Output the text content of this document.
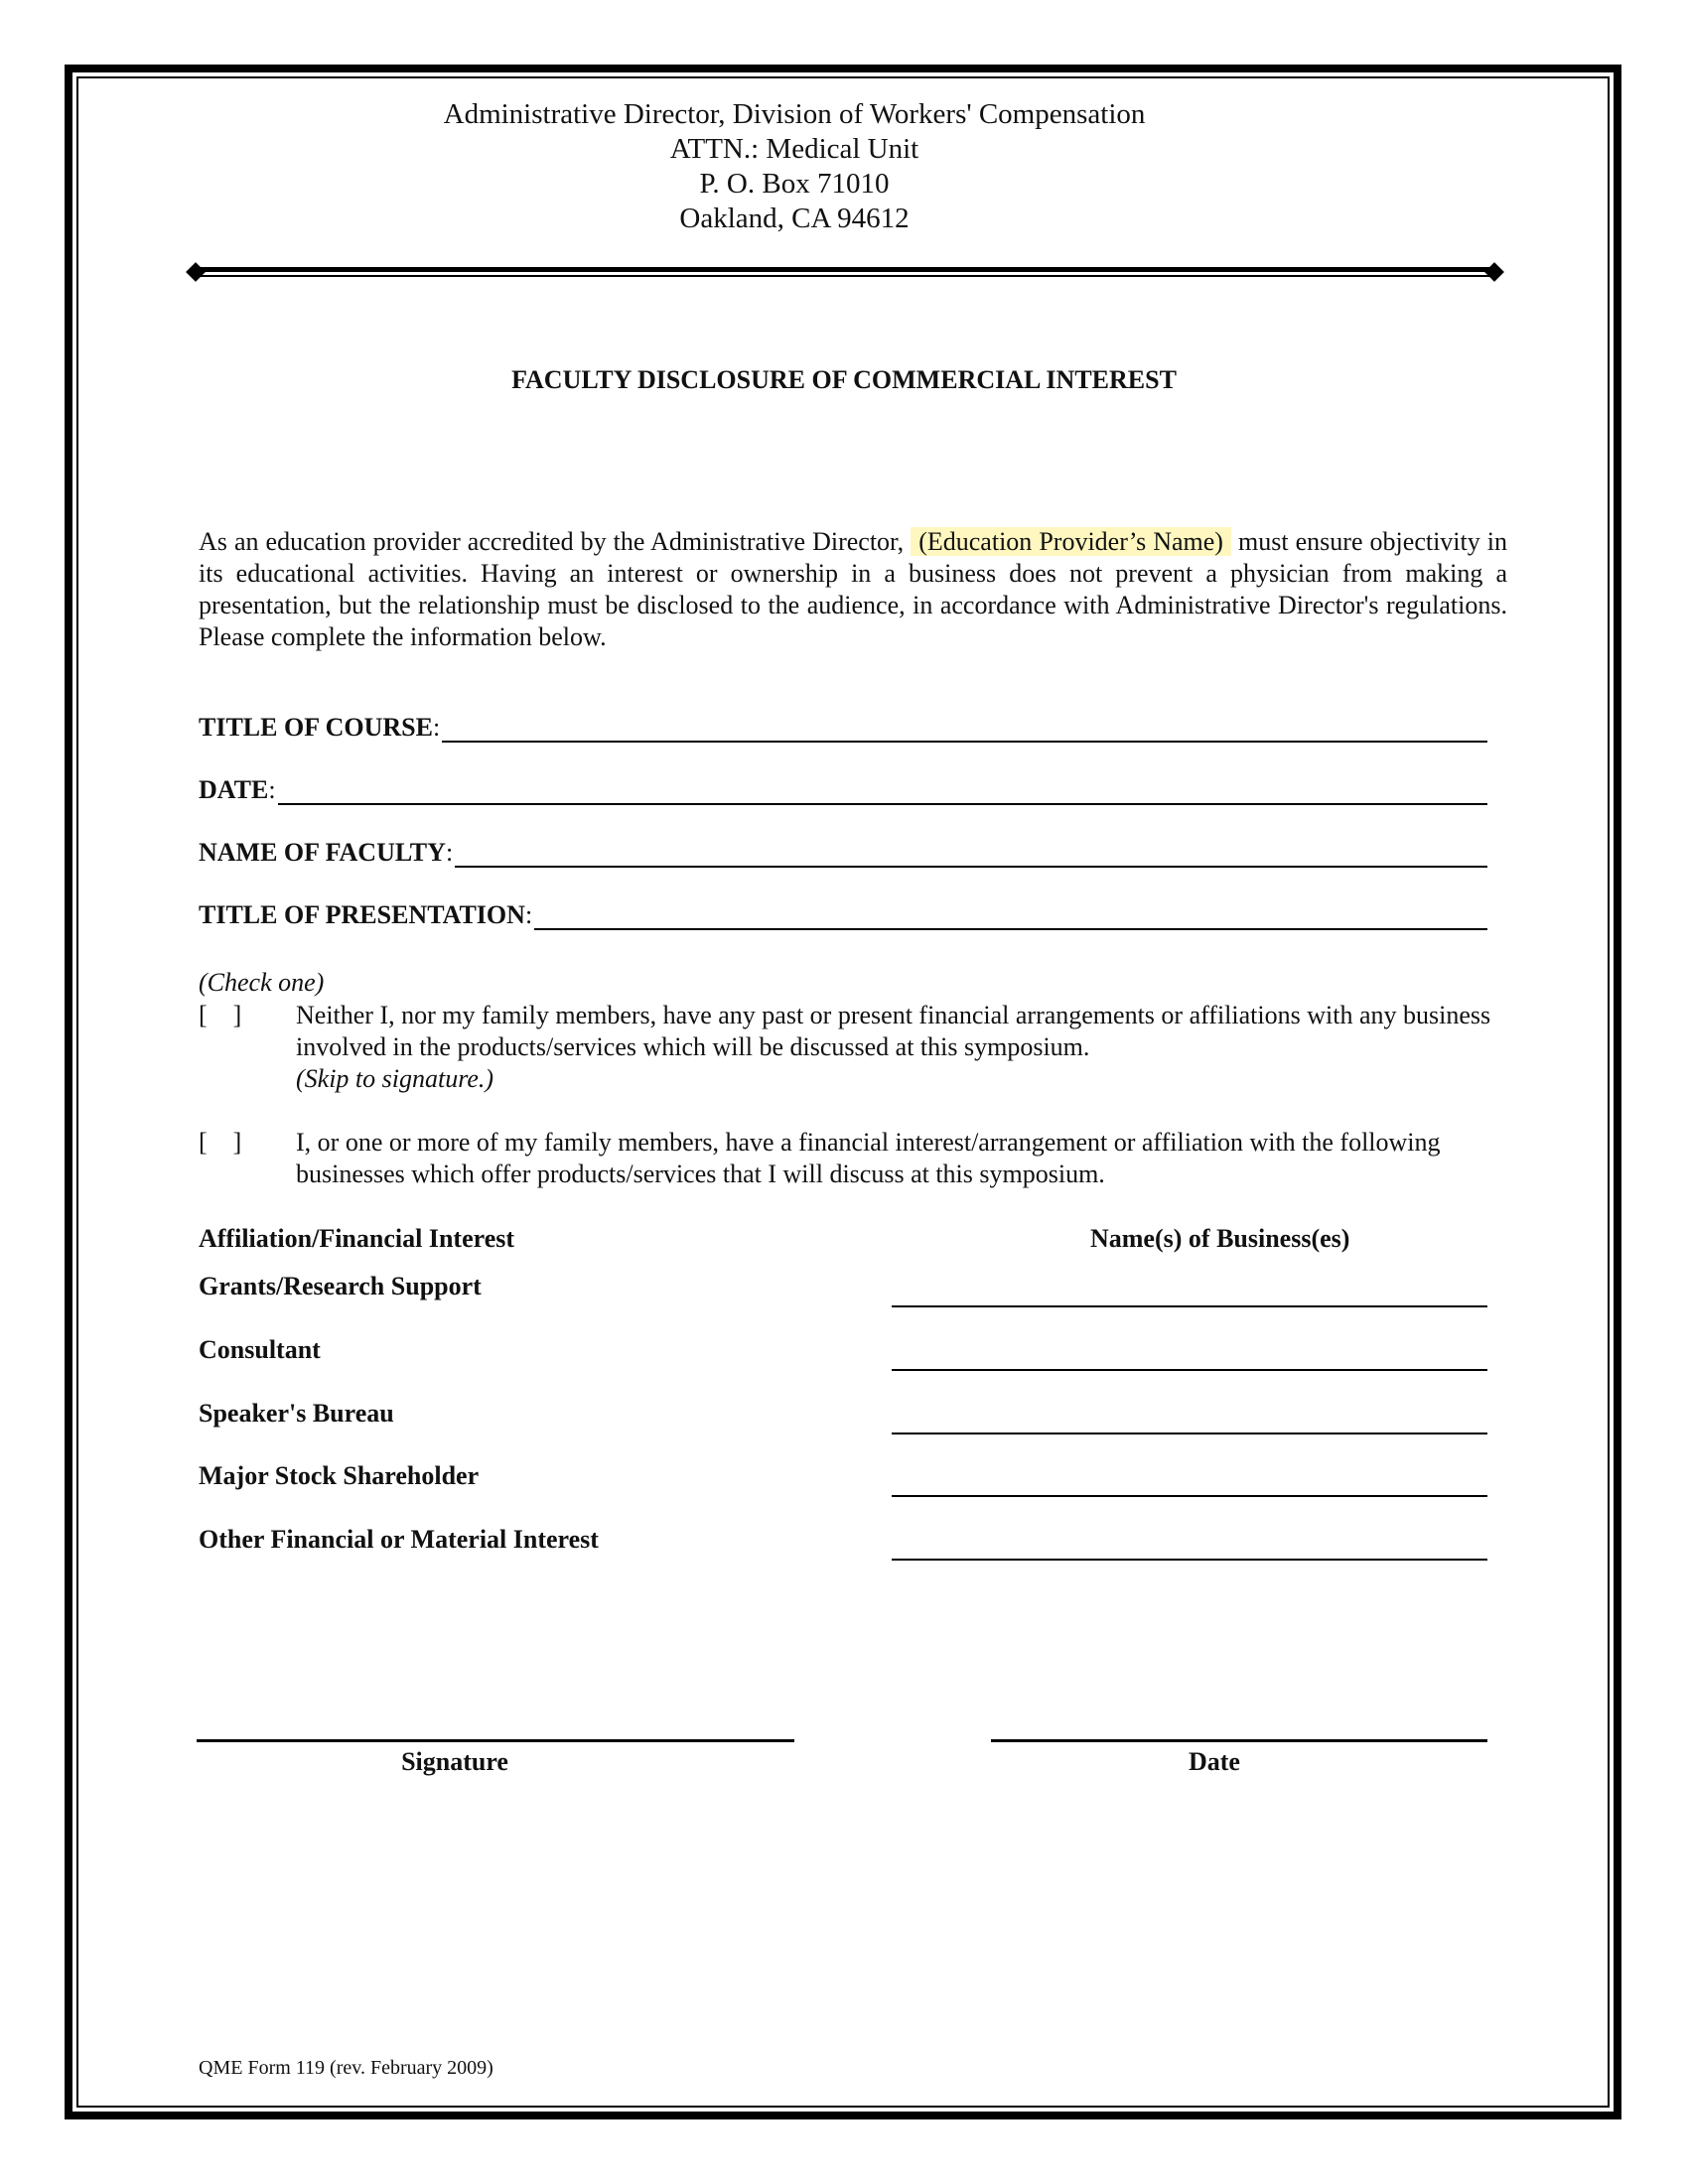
Administrative Director, Division of Workers' Compensation
ATTN.: Medical Unit
P. O. Box 71010
Oakland, CA 94612
FACULTY DISCLOSURE OF COMMERCIAL INTEREST
As an education provider accredited by the Administrative Director, (Education Provider’s Name) must ensure objectivity in its educational activities. Having an interest or ownership in a business does not prevent a physician from making a presentation, but the relationship must be disclosed to the audience, in accordance with Administrative Director's regulations. Please complete the information below.
TITLE OF COURSE :
DATE :
NAME OF FACULTY :
TITLE OF PRESENTATION :
(Check one)
[    ] Neither I, nor my family members, have any past or present financial arrangements or affiliations with any business involved in the products/services which will be discussed at this symposium.
(Skip to signature.)
[    ] I, or one or more of my family members, have a financial interest/arrangement or affiliation with the following businesses which offer products/services that I will discuss at this symposium.
Affiliation/Financial Interest	Name(s) of Business(es)
Grants/Research Support
Consultant
Speaker's Bureau
Major Stock Shareholder
Other Financial or Material Interest
Signature	Date
QME Form 119 (rev. February 2009)
